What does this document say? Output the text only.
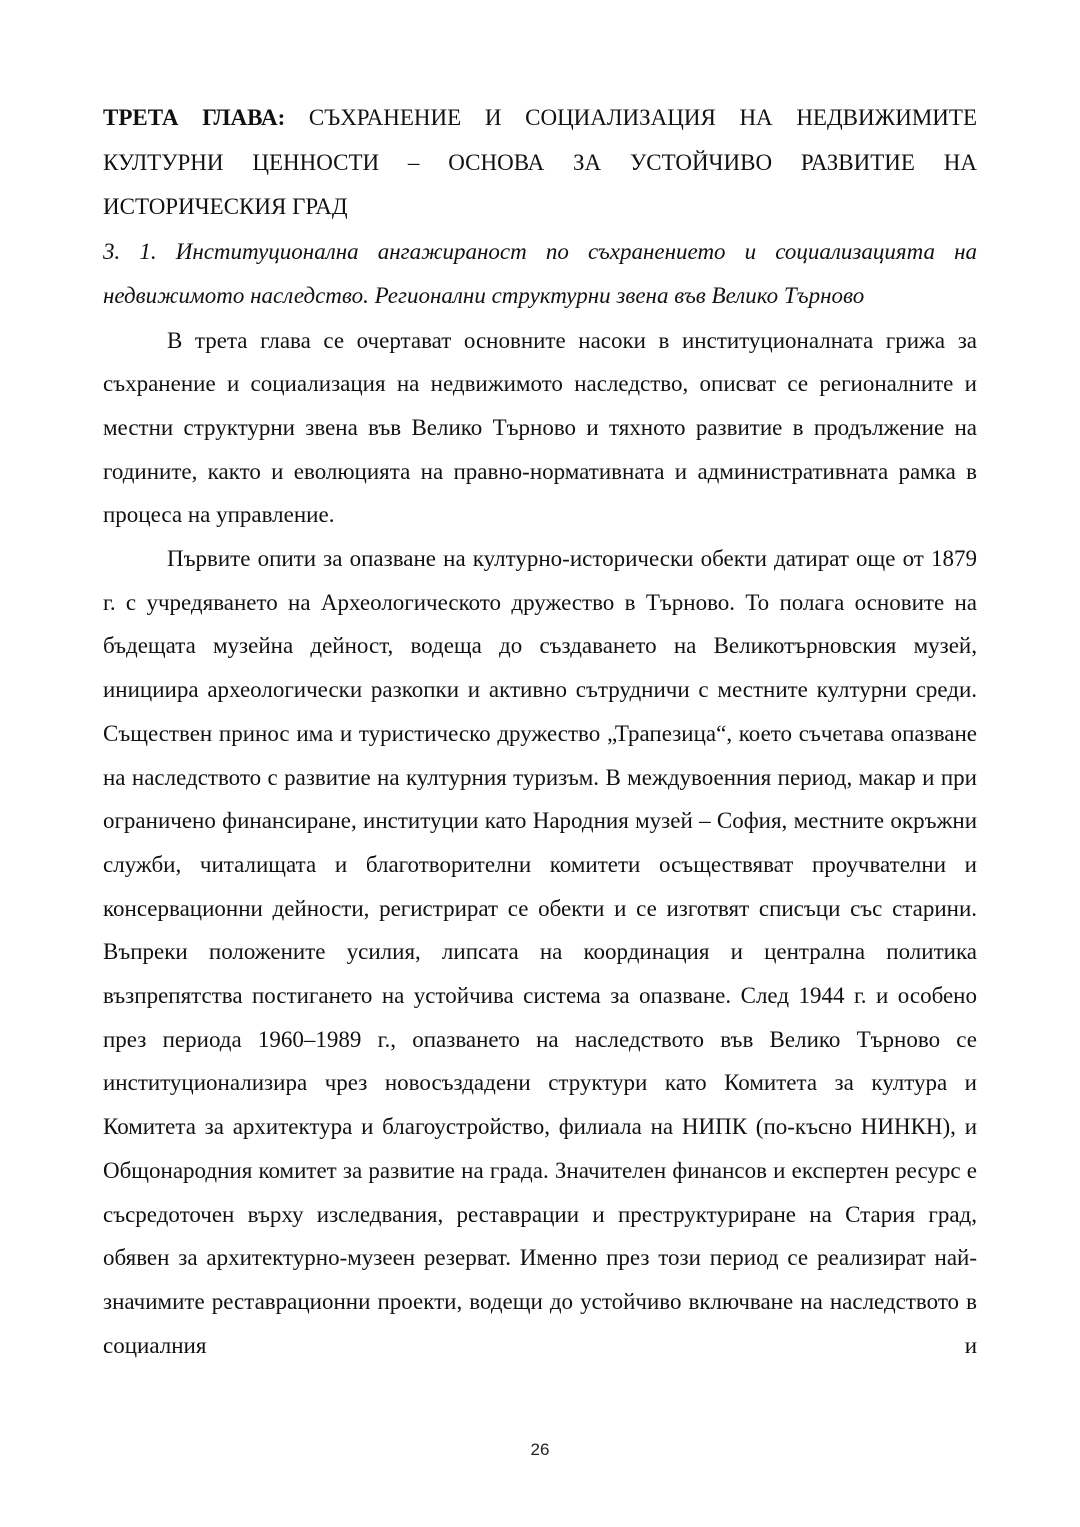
ТРЕТА ГЛАВА: СЪХРАНЕНИЕ И СОЦИАЛИЗАЦИЯ НА НЕДВИЖИМИТЕ КУЛТУРНИ ЦЕННОСТИ – ОСНОВА ЗА УСТОЙЧИВО РАЗВИТИЕ НА ИСТОРИЧЕСКИЯ ГРАД

3. 1. Институционална ангажираност по съхранението и социализацията на недвижимото наследство. Регионални структурни звена във Велико Търново

В трета глава се очертават основните насоки в институционалната грижа за съхранение и социализация на недвижимото наследство, описват се регионалните и местни структурни звена във Велико Търново и тяхното развитие в продължение на годините, както и еволюцията на правно-нормативната и административната рамка в процеса на управление.

Първите опити за опазване на културно-исторически обекти датират още от 1879 г. с учредяването на Археологическото дружество в Търново. То полага основите на бъдещата музейна дейност, водеща до създаването на Великотърновския музей, инициира археологически разкопки и активно сътрудничи с местните културни среди. Съществен принос има и туристическо дружество „Трапезица“, което съчетава опазване на наследството с развитие на културния туризъм. В междувоенния период, макар и при ограничено финансиране, институции като Народния музей – София, местните окръжни служби, читалищата и благотворителни комитети осъществяват проучвателни и консервационни дейности, регистрират се обекти и се изготвят списъци със старини. Въпреки положените усилия, липсата на координация и централна политика възпрепятства постигането на устойчива система за опазване. След 1944 г. и особено през периода 1960–1989 г., опазването на наследството във Велико Търново се институционализира чрез новосъздадени структури като Комитета за култура и Комитета за архитектура и благоустройство, филиала на НИПК (по-късно НИНКН), и Общонародния комитет за развитие на града. Значителен финансов и експертен ресурс е съсредоточен върху изследвания, реставрации и преструктуриране на Стария град, обявен за архитектурно-музеен резерват. Именно през този период се реализират най-значимите реставрационни проекти, водещи до устойчиво включване на наследството в социалния и

26
